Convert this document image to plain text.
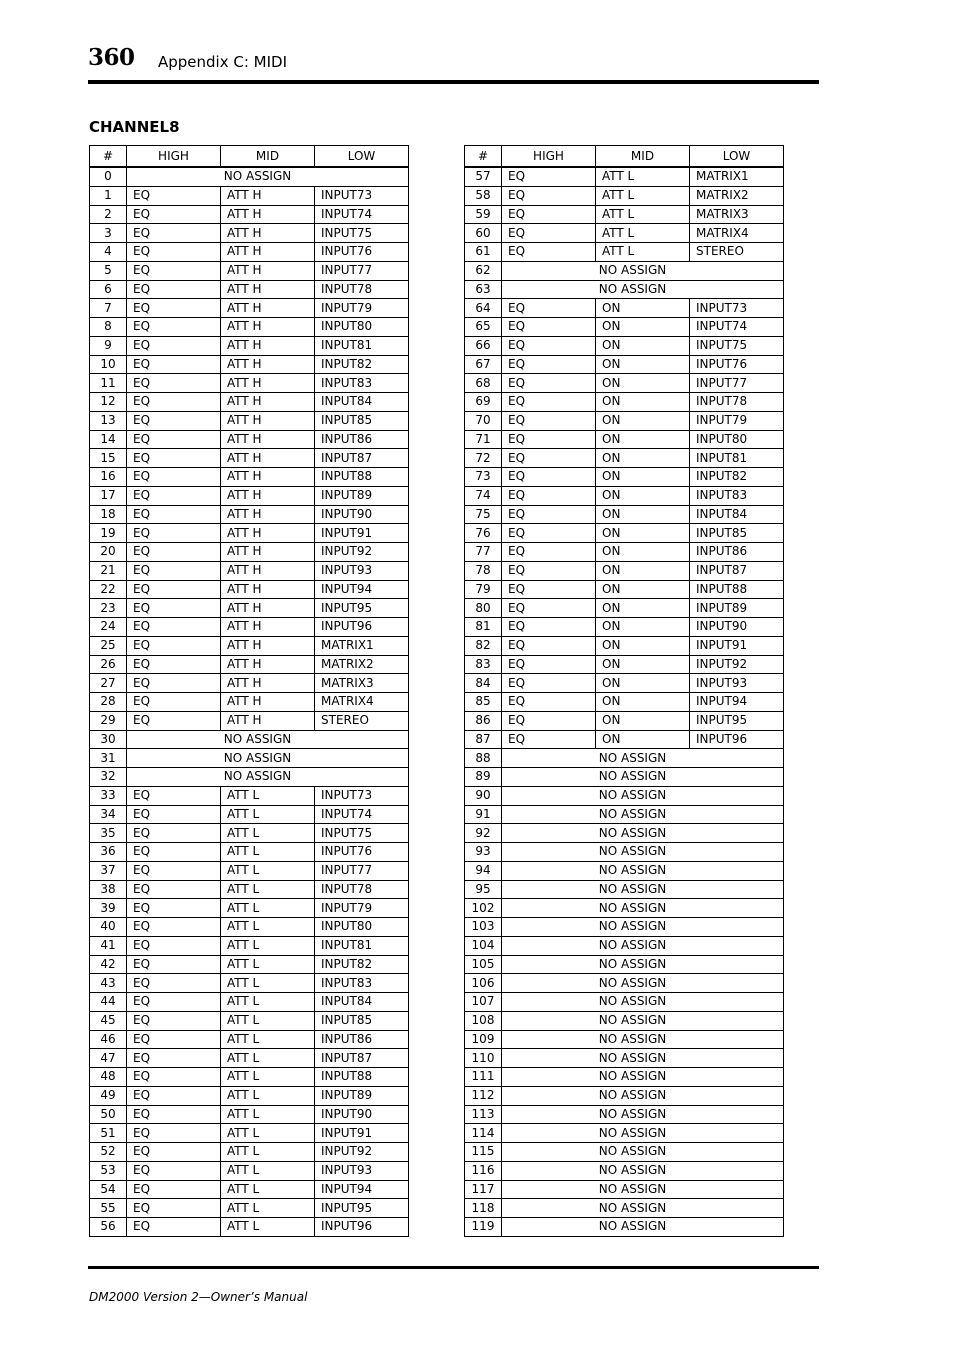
360 Appendix C: MIDI
CHANNEL8
#	HIGH	MID	LOW
0	NO ASSIGN		
1	EQ	ATT H	INPUT73
2	EQ	ATT H	INPUT74
3	EQ	ATT H	INPUT75
4	EQ	ATT H	INPUT76
5	EQ	ATT H	INPUT77
6	EQ	ATT H	INPUT78
7	EQ	ATT H	INPUT79
8	EQ	ATT H	INPUT80
9	EQ	ATT H	INPUT81
10	EQ	ATT H	INPUT82
11	EQ	ATT H	INPUT83
12	EQ	ATT H	INPUT84
13	EQ	ATT H	INPUT85
14	EQ	ATT H	INPUT86
15	EQ	ATT H	INPUT87
16	EQ	ATT H	INPUT88
17	EQ	ATT H	INPUT89
18	EQ	ATT H	INPUT90
19	EQ	ATT H	INPUT91
20	EQ	ATT H	INPUT92
21	EQ	ATT H	INPUT93
22	EQ	ATT H	INPUT94
23	EQ	ATT H	INPUT95
24	EQ	ATT H	INPUT96
25	EQ	ATT H	MATRIX1
26	EQ	ATT H	MATRIX2
27	EQ	ATT H	MATRIX3
28	EQ	ATT H	MATRIX4
29	EQ	ATT H	STEREO
30	NO ASSIGN		
31	NO ASSIGN		
32	NO ASSIGN		
33	EQ	ATT L	INPUT73
34	EQ	ATT L	INPUT74
35	EQ	ATT L	INPUT75
36	EQ	ATT L	INPUT76
37	EQ	ATT L	INPUT77
38	EQ	ATT L	INPUT78
39	EQ	ATT L	INPUT79
40	EQ	ATT L	INPUT80
41	EQ	ATT L	INPUT81
42	EQ	ATT L	INPUT82
43	EQ	ATT L	INPUT83
44	EQ	ATT L	INPUT84
45	EQ	ATT L	INPUT85
46	EQ	ATT L	INPUT86
47	EQ	ATT L	INPUT87
48	EQ	ATT L	INPUT88
49	EQ	ATT L	INPUT89
50	EQ	ATT L	INPUT90
51	EQ	ATT L	INPUT91
52	EQ	ATT L	INPUT92
53	EQ	ATT L	INPUT93
54	EQ	ATT L	INPUT94
55	EQ	ATT L	INPUT95
56	EQ	ATT L	INPUT96
#	HIGH	MID	LOW
57	EQ	ATT L	MATRIX1
58	EQ	ATT L	MATRIX2
59	EQ	ATT L	MATRIX3
60	EQ	ATT L	MATRIX4
61	EQ	ATT L	STEREO
62	NO ASSIGN		
63	NO ASSIGN		
64	EQ	ON	INPUT73
65	EQ	ON	INPUT74
66	EQ	ON	INPUT75
67	EQ	ON	INPUT76
68	EQ	ON	INPUT77
69	EQ	ON	INPUT78
70	EQ	ON	INPUT79
71	EQ	ON	INPUT80
72	EQ	ON	INPUT81
73	EQ	ON	INPUT82
74	EQ	ON	INPUT83
75	EQ	ON	INPUT84
76	EQ	ON	INPUT85
77	EQ	ON	INPUT86
78	EQ	ON	INPUT87
79	EQ	ON	INPUT88
80	EQ	ON	INPUT89
81	EQ	ON	INPUT90
82	EQ	ON	INPUT91
83	EQ	ON	INPUT92
84	EQ	ON	INPUT93
85	EQ	ON	INPUT94
86	EQ	ON	INPUT95
87	EQ	ON	INPUT96
88	NO ASSIGN		
89	NO ASSIGN		
90	NO ASSIGN		
91	NO ASSIGN		
92	NO ASSIGN		
93	NO ASSIGN		
94	NO ASSIGN		
95	NO ASSIGN		
102	NO ASSIGN		
103	NO ASSIGN		
104	NO ASSIGN		
105	NO ASSIGN		
106	NO ASSIGN		
107	NO ASSIGN		
108	NO ASSIGN		
109	NO ASSIGN		
110	NO ASSIGN		
111	NO ASSIGN		
112	NO ASSIGN		
113	NO ASSIGN		
114	NO ASSIGN		
115	NO ASSIGN		
116	NO ASSIGN		
117	NO ASSIGN		
118	NO ASSIGN		
119	NO ASSIGN		
DM2000 Version 2—Owner’s Manual
